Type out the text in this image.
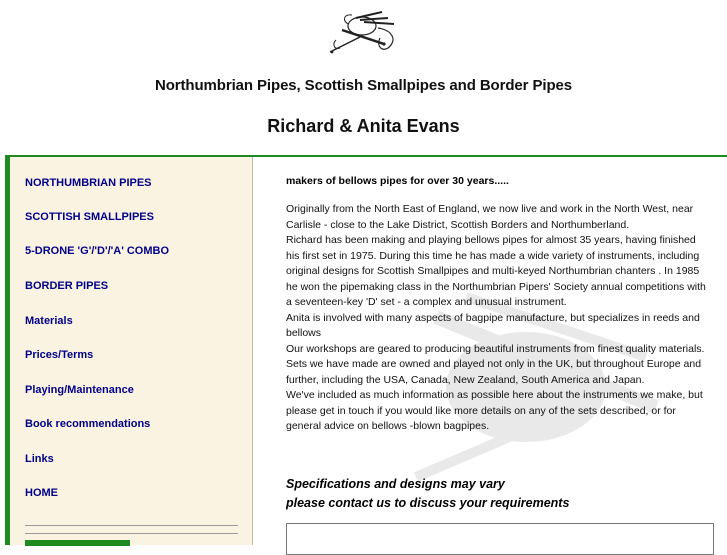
Northumbrian Pipes, Scottish Smallpipes and Border Pipes
Richard & Anita Evans
NORTHUMBRIAN PIPES
SCOTTISH SMALLPIPES
5-DRONE 'G'/'D'/'A' COMBO
BORDER PIPES
Materials
Prices/Terms
Playing/Maintenance
Book recommendations
Links
HOME
makers of bellows pipes for over 30 years.....

Originally from the North East of England, we now live and work in the North West, near Carlisle - close to the Lake District, Scottish Borders and Northumberland.

Richard has been making and playing bellows pipes for almost 35 years, having finished his first set in 1975. During this time he has made a wide variety of instruments, including original designs for Scottish Smallpipes and multi-keyed Northumbrian chanters . In 1985 he won the pipemaking class in the Northumbrian Pipers' Society annual competitions with a seventeen-key 'D' set - a complex and unusual instrument.

Anita is involved with many aspects of bagpipe manufacture, but specializes in reeds and bellows

Our workshops are geared to producing beautiful instruments from finest quality materials. Sets we have made are owned and played not only in the UK, but throughout Europe and further, including the USA, Canada, New Zealand, South America and Japan.

We've included as much information as possible here about the instruments we make, but please get in touch if you would like more details on any of the sets described, or for general advice on bellows -blown bagpipes.

Specifications and designs may vary
please contact us to discuss your requirements
